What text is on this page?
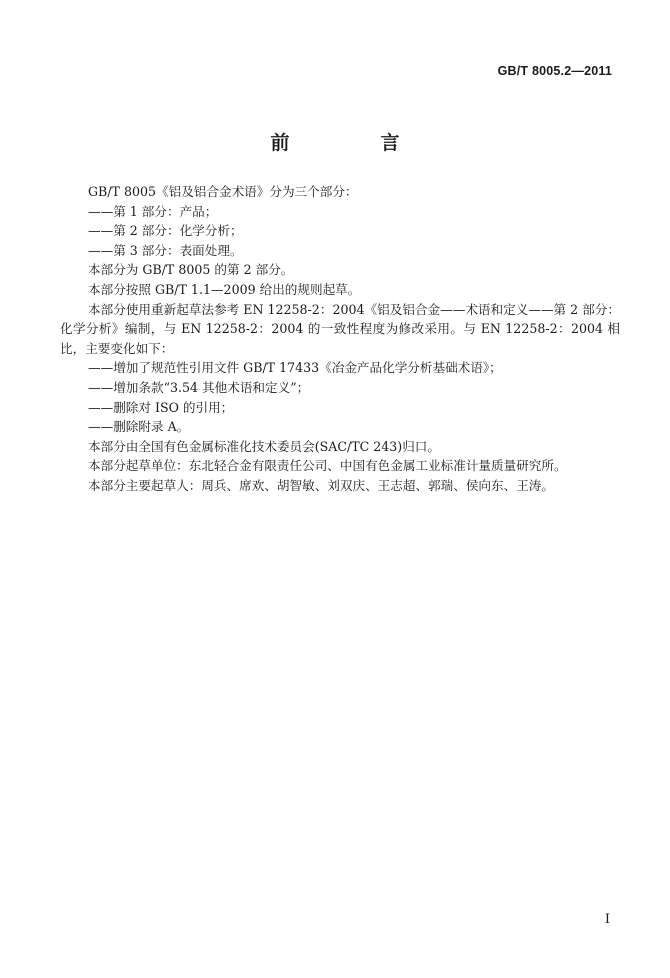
GB/T 8005.2—2011
前　言

GB/T 8005《铝及铝合金术语》分为三个部分：

——第 1 部分：产品；

——第 2 部分：化学分析；

——第 3 部分：表面处理。

本部分为 GB/T 8005 的第 2 部分。

本部分按照 GB/T 1.1—2009 给出的规则起草。

本部分使用重新起草法参考 EN 12258-2：2004《铝及铝合金——术语和定义——第 2 部分：化学分析》编制，与 EN 12258-2：2004 的一致性程度为修改采用。与 EN 12258-2：2004 相比，主要变化如下：

——增加了规范性引用文件 GB/T 17433《冶金产品化学分析基础术语》；

——增加条款“3.54 其他术语和定义”；

——删除对 ISO 的引用；

——删除附录 A。

本部分由全国有色金属标准化技术委员会(SAC/TC 243)归口。

本部分起草单位：东北轻合金有限责任公司、中国有色金属工业标准计量质量研究所。

本部分主要起草人：周兵、席欢、胡智敏、刘双庆、王志超、郭瑞、侯向东、王涛。

I
